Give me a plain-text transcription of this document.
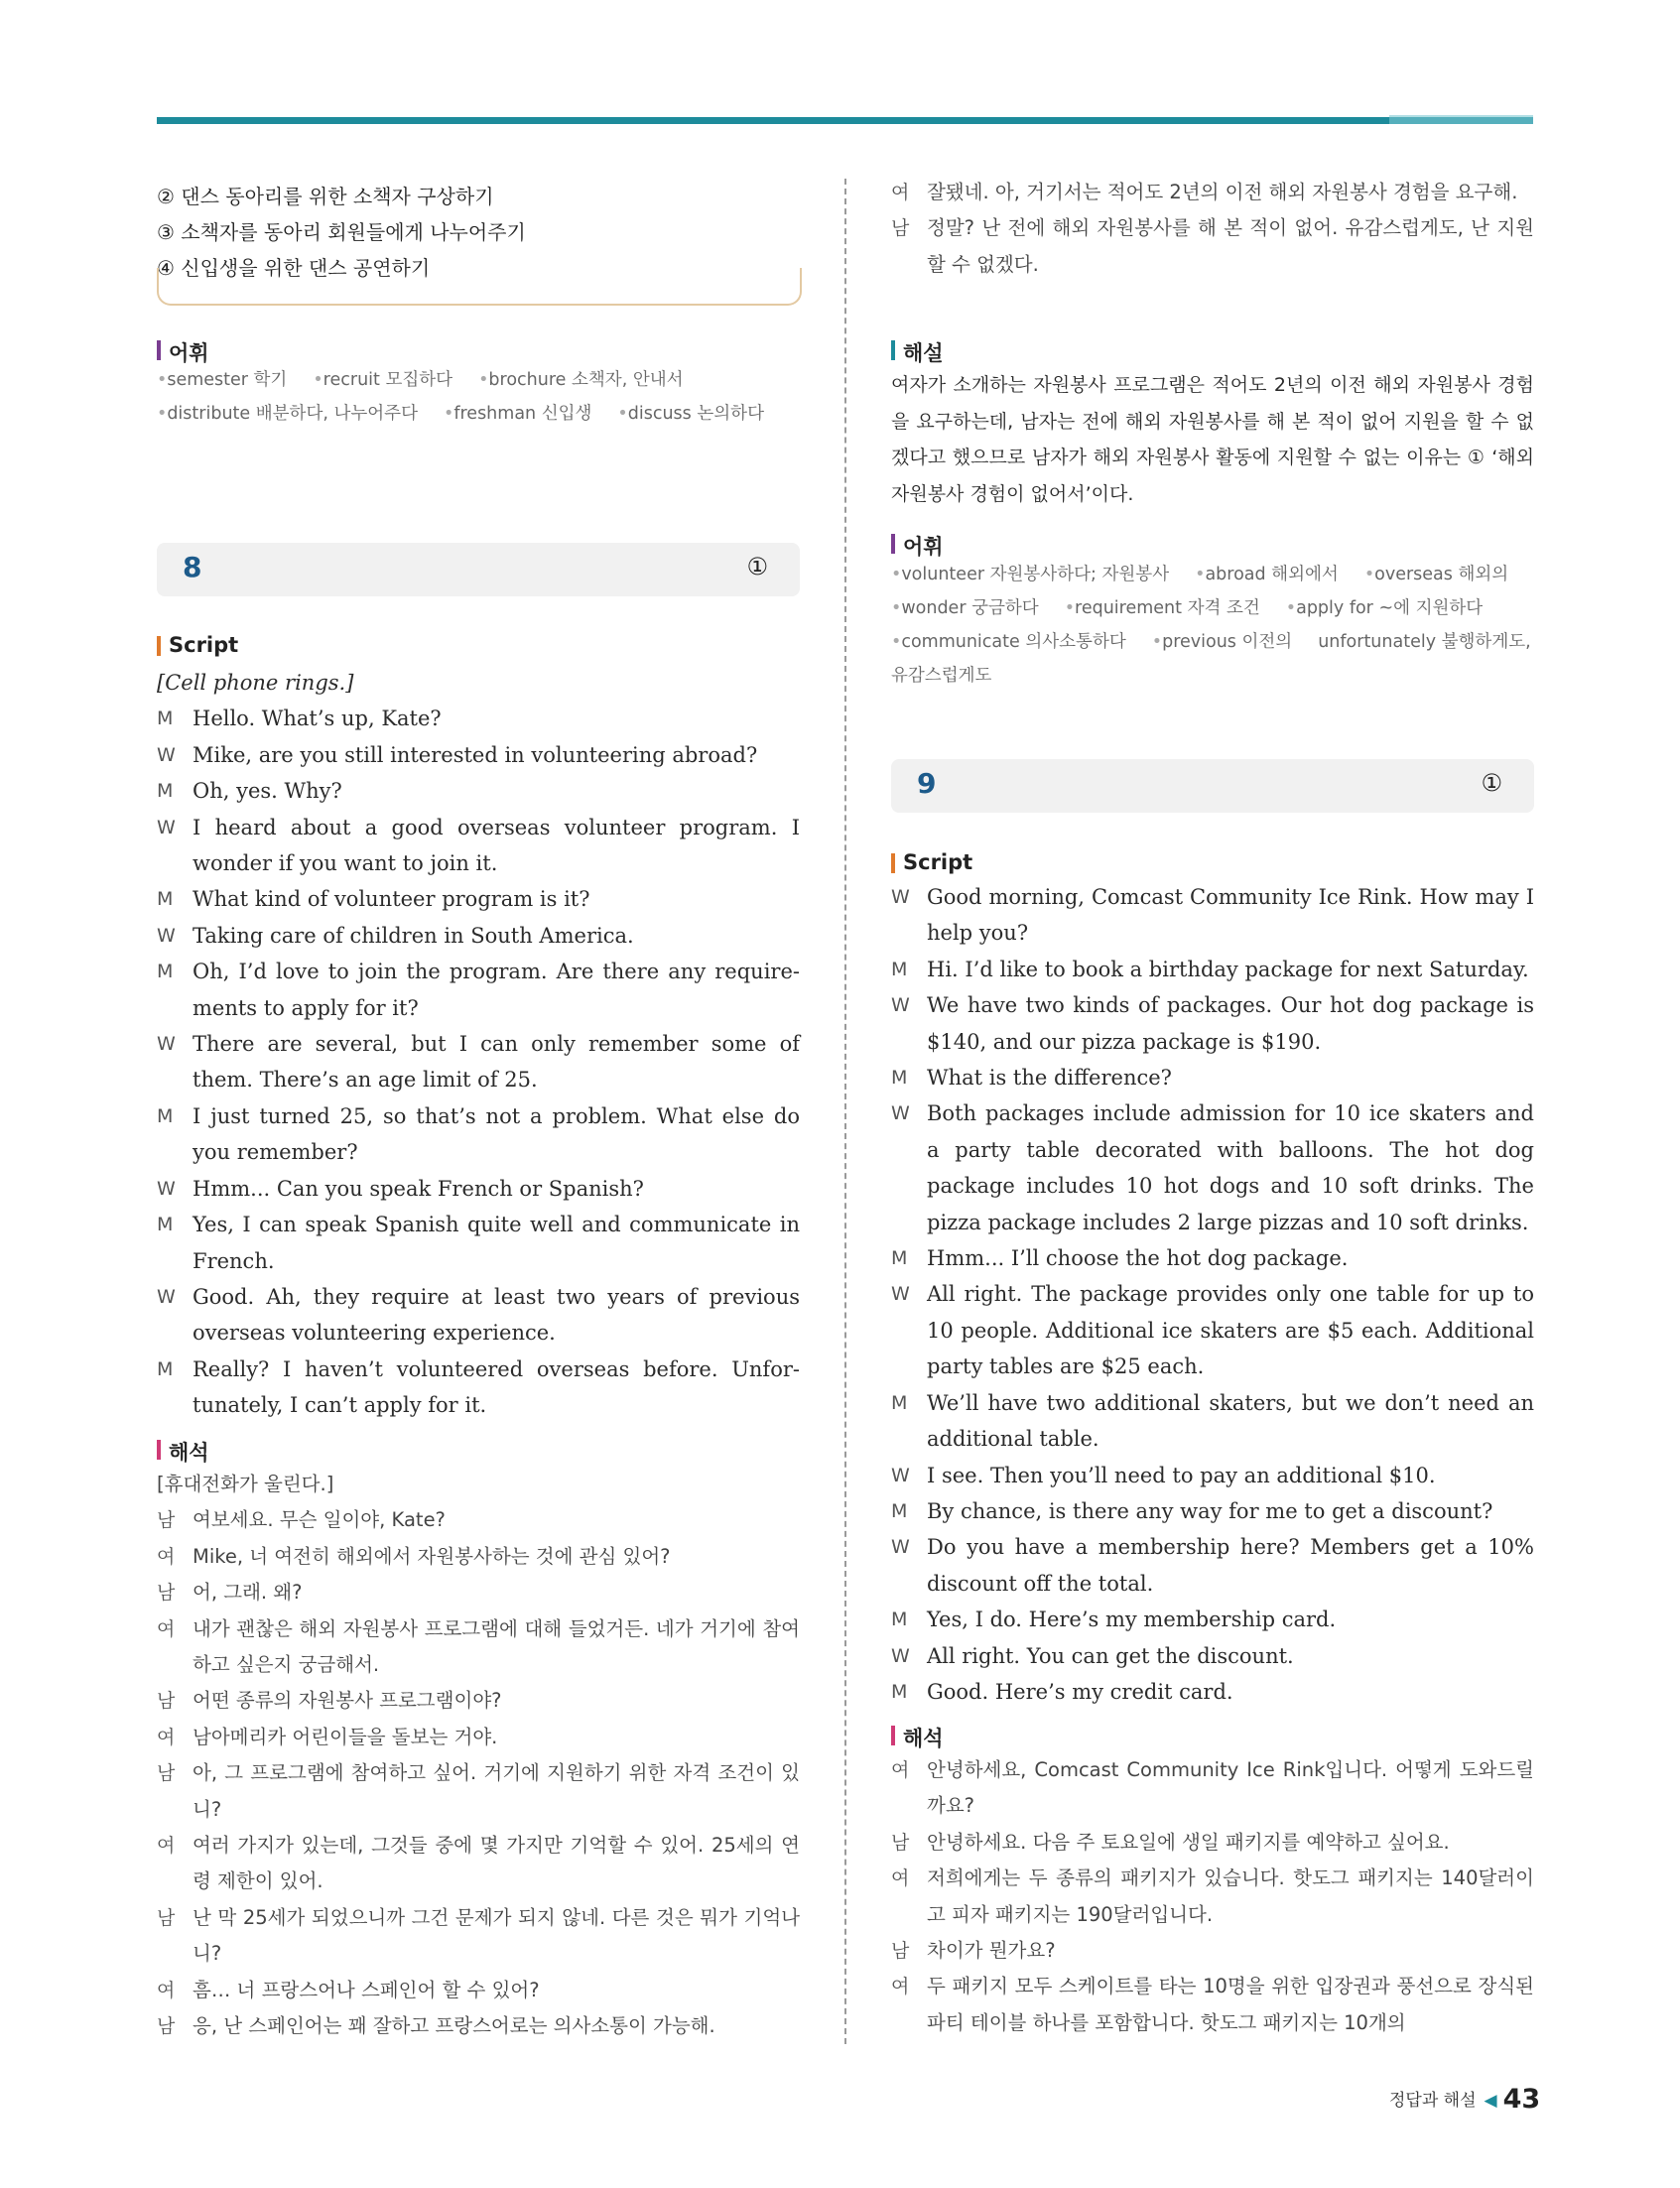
② 댄스 동아리를 위한 소책자 구상하기
③ 소책자를 동아리 회원들에게 나누어주기
④ 신입생을 위한 댄스 공연하기
어휘
• semester 학기 • recruit 모집하다 • brochure 소책자, 안내서
• distribute 배분하다, 나누어주다 • freshman 신입생 • discuss 논의하다
8	①
Script
[Cell phone rings.]
M Hello. What’s up, Kate?
W Mike, are you still interested in volunteering abroad?
M Oh, yes. Why?
W I heard about a good overseas volunteer program. I wonder if you want to join it.
M What kind of volunteer program is it?
W Taking care of children in South America.
M Oh, I’d love to join the program. Are there any requirements to apply for it?
W There are several, but I can only remember some of them. There’s an age limit of 25.
M I just turned 25, so that’s not a problem. What else do you remember?
W Hmm... Can you speak French or Spanish?
M Yes, I can speak Spanish quite well and communicate in French.
W Good. Ah, they require at least two years of previous overseas volunteering experience.
M Really? I haven’t volunteered overseas before. Unfortunately, I can’t apply for it.
해석
[휴대전화가 울린다.]
남 여보세요. 무슨 일이야, Kate?
여 Mike, 너 여전히 해외에서 자원봉사하는 것에 관심 있어?
남 어, 그래. 왜?
여 내가 괜찮은 해외 자원봉사 프로그램에 대해 들었거든. 네가 거기에 참여하고 싶은지 궁금해서.
남 어떤 종류의 자원봉사 프로그램이야?
여 남아메리카 어린이들을 돌보는 거야.
남 아, 그 프로그램에 참여하고 싶어. 거기에 지원하기 위한 자격 조건이 있니?
여 여러 가지가 있는데, 그것들 중에 몇 가지만 기억할 수 있어. 25세의 연령 제한이 있어.
남 난 막 25세가 되었으니까 그건 문제가 되지 않네. 다른 것은 뭐가 기억나니?
여 흠… 너 프랑스어나 스페인어 할 수 있어?
남 응, 난 스페인어는 꽤 잘하고 프랑스어로는 의사소통이 가능해.
여 잘됐네. 아, 거기서는 적어도 2년의 이전 해외 자원봉사 경험을 요구해.
남 정말? 난 전에 해외 자원봉사를 해 본 적이 없어. 유감스럽게도, 난 지원할 수 없겠다.
해설
여자가 소개하는 자원봉사 프로그램은 적어도 2년의 이전 해외 자원봉사 경험을 요구하는데, 남자는 전에 해외 자원봉사를 해 본 적이 없어 지원을 할 수 없겠다고 했으므로 남자가 해외 자원봉사 활동에 지원할 수 없는 이유는 ① ‘해외 자원봉사 경험이 없어서’이다.
어휘
• volunteer 자원봉사하다; 자원봉사 • abroad 해외에서 • overseas 해외의
• wonder 궁금하다 • requirement 자격 조건 • apply for ~에 지원하다
• communicate 의사소통하다 • previous 이전의 unfortunately 불행하게도, 유감스럽게도
9	①
Script
W Good morning, Comcast Community Ice Rink. How may I help you?
M Hi. I’d like to book a birthday package for next Saturday.
W We have two kinds of packages. Our hot dog package is $140, and our pizza package is $190.
M What is the difference?
W Both packages include admission for 10 ice skaters and a party table decorated with balloons. The hot dog package includes 10 hot dogs and 10 soft drinks. The pizza package includes 2 large pizzas and 10 soft drinks.
M Hmm... I’ll choose the hot dog package.
W All right. The package provides only one table for up to 10 people. Additional ice skaters are $5 each. Additional party tables are $25 each.
M We’ll have two additional skaters, but we don’t need an additional table.
W I see. Then you’ll need to pay an additional $10.
M By chance, is there any way for me to get a discount?
W Do you have a membership here? Members get a 10% discount off the total.
M Yes, I do. Here’s my membership card.
W All right. You can get the discount.
M Good. Here’s my credit card.
해석
여 안녕하세요, Comcast Community Ice Rink입니다. 어떻게 도와드릴까요?
남 안녕하세요. 다음 주 토요일에 생일 패키지를 예약하고 싶어요.
여 저희에게는 두 종류의 패키지가 있습니다. 핫도그 패키지는 140달러이고 피자 패키지는 190달러입니다.
남 차이가 뭔가요?
여 두 패키지 모두 스케이트를 타는 10명을 위한 입장권과 풍선으로 장식된 파티 테이블 하나를 포함합니다. 핫도그 패키지는 10개의
정답과 해설 ◀ 43
